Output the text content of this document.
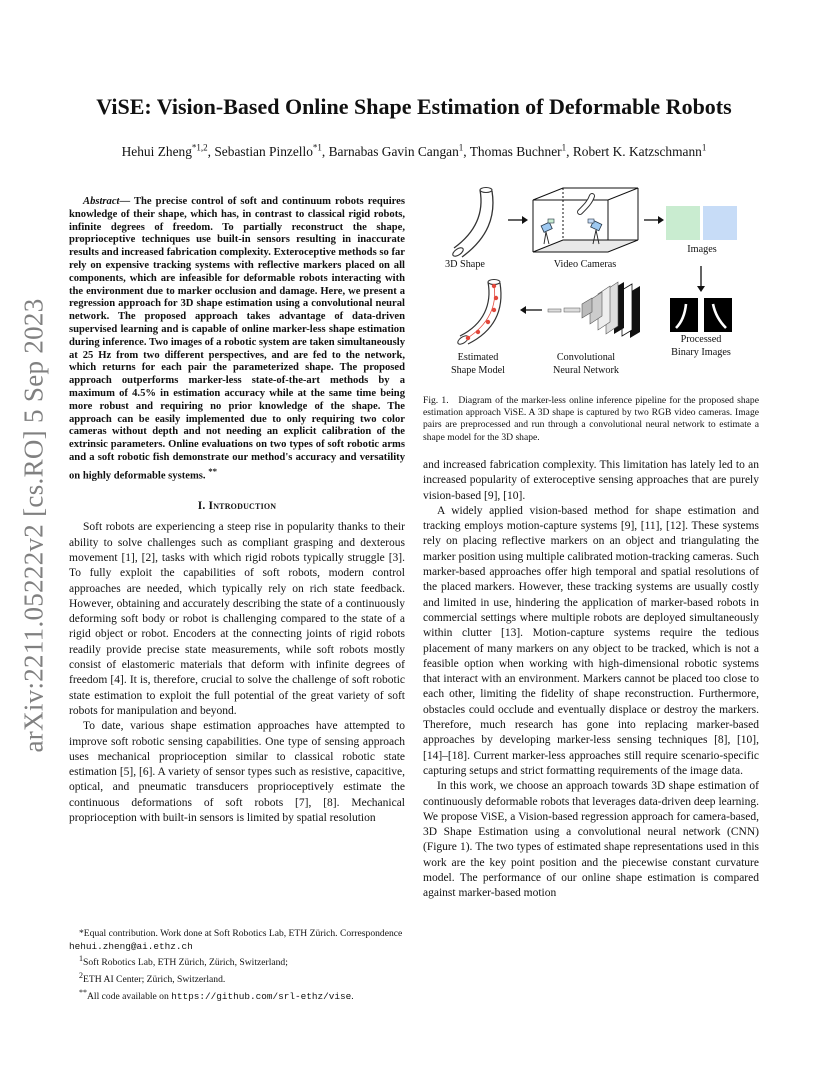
arXiv:2211.05222v2 [cs.RO] 5 Sep 2023
ViSE: Vision-Based Online Shape Estimation of Deformable Robots
Hehui Zheng$^{*1,2}$, Sebastian Pinzello$^{*1}$, Barnabas Gavin Cangan$^1$, Thomas Buchner$^1$, Robert K. Katzschmann$^1$

Abstract— The precise control of soft and continuum robots requires knowledge of their shape, which has, in contrast to classical rigid robots, infinite degrees of freedom. To partially reconstruct the shape, proprioceptive techniques use built-in sensors resulting in inaccurate results and increased fabrication complexity. Exteroceptive methods so far rely on expensive tracking systems with reflective markers placed on all components, which are infeasible for deformable robots interacting with the environment due to marker occlusion and damage. Here, we present a regression approach for 3D shape estimation using a convolutional neural network. The proposed approach takes advantage of data-driven supervised learning and is capable of online marker-less shape estimation during inference. Two images of a robotic system are taken simultaneously at 25 Hz from two different perspectives, and are fed to the network, which returns for each pair the parameterized shape. The proposed approach outperforms marker-less state-of-the-art methods by a maximum of 4.5% in estimation accuracy while at the same time being more robust and requiring no prior knowledge of the shape. The approach can be easily implemented due to only requiring two color cameras without depth and not needing an explicit calibration of the extrinsic parameters. Online evaluations on two types of soft robotic arms and a soft robotic fish demonstrate our method's accuracy and versatility on highly deformable systems. **

I. Introduction

Soft robots are experiencing a steep rise in popularity thanks to their ability to solve challenges such as compliant grasping and dexterous movement [1], [2], tasks with which rigid robots typically struggle [3]. To fully exploit the capabilities of soft robots, modern control approaches are needed, which typically rely on rich state feedback. However, obtaining and accurately describing the state of a continuously deforming soft body or robot is challenging compared to the state of a rigid object or robot. Encoders at the connecting joints of rigid robots readily provide precise state measurements, while soft robots mostly consist of elastomeric materials that deform with infinite degrees of freedom [4]. It is, therefore, crucial to solve the challenge of soft robotic state estimation to exploit the full potential of the great variety of soft robots for manipulation and beyond.

To date, various shape estimation approaches have attempted to improve soft robotic sensing capabilities. One type of sensing approach uses mechanical proprioception similar to classical robotic state estimation [5], [6]. A variety of sensor types such as resistive, capacitive, optical, and pneumatic transducers proprioceptively estimate the continuous deformations of soft robots [7], [8]. Mechanical proprioception with built-in sensors is limited by spatial resolution

*Equal contribution. Work done at Soft Robotics Lab, ETH Zürich. Correspondence hehui.zheng@ai.ethz.ch

$^1$Soft Robotics Lab, ETH Zürich, Zürich, Switzerland;

$^2$ETH AI Center; Zürich, Switzerland.

**All code available on https://github.com/srl-ethz/vise.

3D Shape	Video Cameras
Images
Processed
Binary Images
Convolutional
Neural Network
Estimated
Shape Model

Fig. 1. Diagram of the marker-less online inference pipeline for the proposed shape estimation approach ViSE. A 3D shape is captured by two RGB video cameras. Image pairs are preprocessed and run through a convolutional neural network to estimate a shape model for the 3D shape.

and increased fabrication complexity. This limitation has lately led to an increased popularity of exteroceptive sensing approaches that are purely vision-based [9], [10].

A widely applied vision-based method for shape estimation and tracking employs motion-capture systems [9], [11], [12]. These systems rely on placing reflective markers on an object and triangulating the marker position using multiple calibrated motion-tracking cameras. Such marker-based approaches offer high temporal and spatial resolutions of the placed markers. However, these tracking systems are usually costly and limited in use, hindering the application of marker-based robots in commercial settings where multiple robots are deployed simultaneously within clutter [13]. Motion-capture systems require the tedious placement of many markers on any object to be tracked, which is not a feasible option when working with high-dimensional robotic systems that interact with an environment. Markers cannot be placed too close to each other, limiting the fidelity of shape reconstruction. Furthermore, obstacles could occlude and eventually displace or destroy the markers. Therefore, much research has gone into replacing marker-based approaches by developing marker-less sensing techniques [8], [10], [14]–[18]. Current marker-less approaches still require scenario-specific capturing setups and strict formatting requirements of the image data.

In this work, we choose an approach towards 3D shape estimation of continuously deformable robots that leverages data-driven deep learning. We propose ViSE, a Vision-based regression approach for camera-based, 3D Shape Estimation using a convolutional neural network (CNN) (Figure 1). The two types of estimated shape representations used in this work are the key point position and the piecewise constant curvature model. The performance of our online shape estimation is compared against marker-based motion
